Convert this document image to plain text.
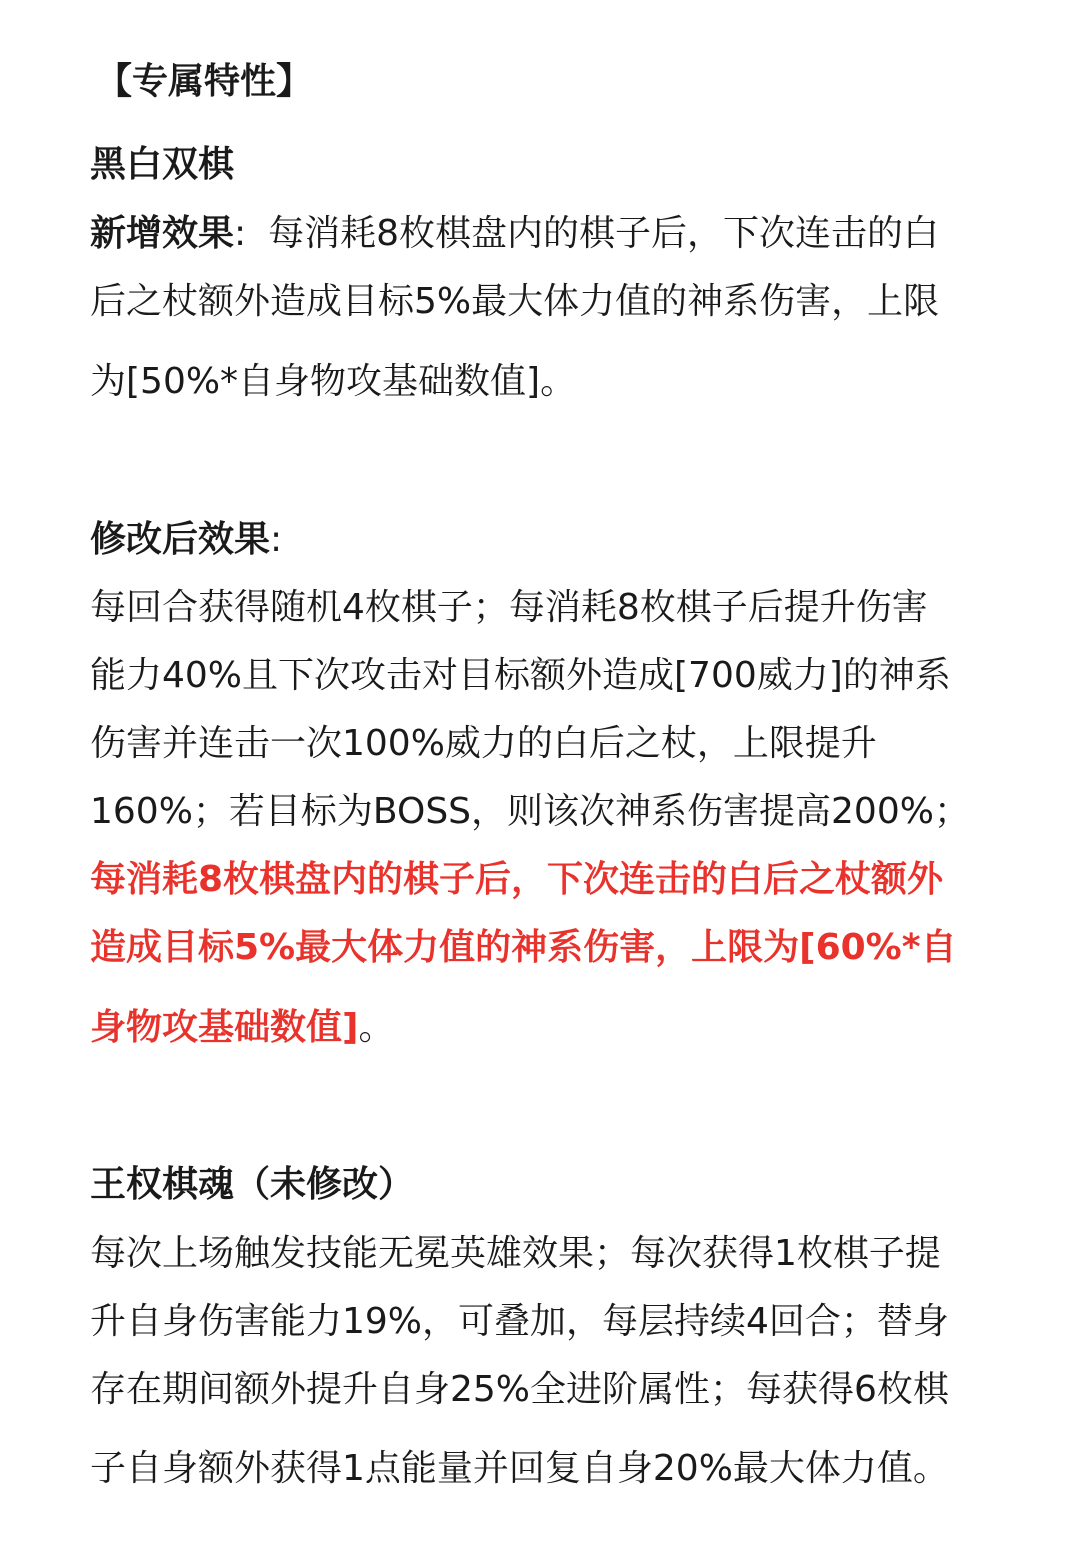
【专属特性】
黑白双棋
新增效果: 每消耗8枚棋盘内的棋子后，下次连击的白
后之杖额外造成目标5%最大体力值的神系伤害，上限
为[50%*自身物攻基础数值]。
修改后效果:
每回合获得随机4枚棋子；每消耗8枚棋子后提升伤害
能力40%且下次攻击对目标额外造成[700威力]的神系
伤害并连击一次100%威力的白后之杖，上限提升
160%；若目标为BOSS，则该次神系伤害提高200%；
每消耗8枚棋盘内的棋子后，下次连击的白后之杖额外
造成目标5%最大体力值的神系伤害，上限为[60%*自
身物攻基础数值]。
王权棋魂（未修改）
每次上场触发技能无冕英雄效果；每次获得1枚棋子提
升自身伤害能力19%，可叠加，每层持续4回合；替身
存在期间额外提升自身25%全进阶属性；每获得6枚棋
子自身额外获得1点能量并回复自身20%最大体力值。
